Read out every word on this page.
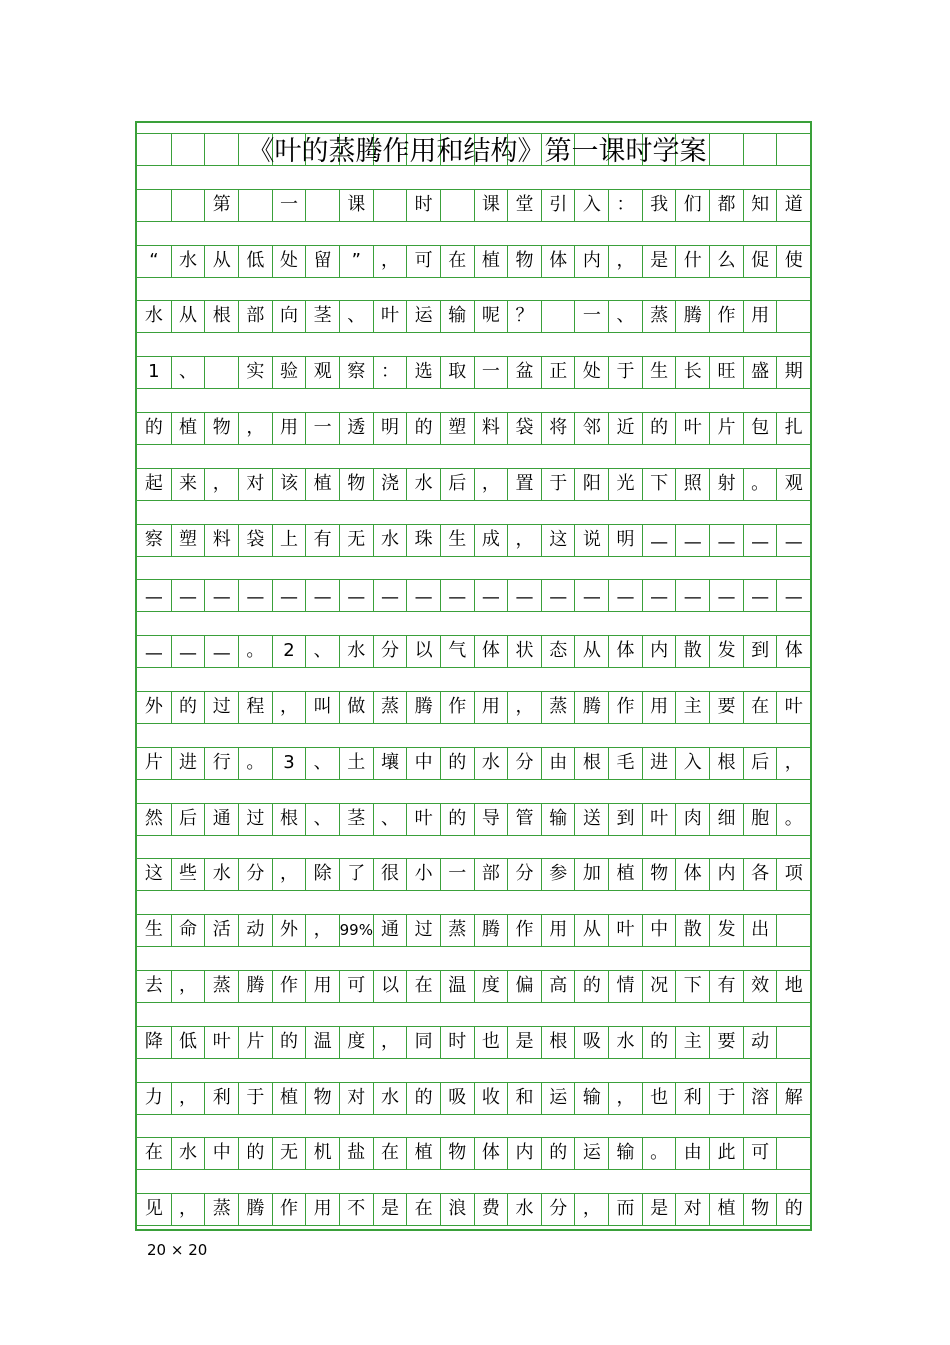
《叶的蒸腾作用和结构》第一课时学案
第	一	课	时	课 堂 引 入 ： 我 们 都 知 道
“	水 从 低 处 留	”	， 可 在 植 物 体 内 ， 是 什 么 促 使
水 从 根 部 向 茎 、 叶 运 输 呢 ？	一 、 蒸 腾 作 用
1	、	实 验 观 察 ： 选 取 一 盆 正 处 于 生 长 旺 盛 期
的 植 物 ， 用 一 透 明 的 塑 料 袋 将 邻 近 的 叶 片 包 扎
起 来 ， 对 该 植 物 浇 水 后 ， 置 于 阳 光 下 照 射 。 观
察 塑 料 袋 上 有 无 水 珠 生 成 ， 这 说 明 — — — — —
— — — — — — — — — — — — — — — — — — — —
— — — 。	2	、 水 分 以 气 体 状 态 从 体 内 散 发 到 体
外 的 过 程 ， 叫 做 蒸 腾 作 用 ， 蒸 腾 作 用 主 要 在 叶
片 进 行 。	3	、 土 壤 中 的 水 分 由 根 毛 进 入 根 后 ，
然 后 通 过 根 、 茎 、 叶 的 导 管 输 送 到 叶 肉 细 胞 。
这 些 水 分 ， 除 了 很 小 一 部 分 参 加 植 物 体 内 各 项
生 命 活 动 外 ， 99% 通 过 蒸 腾 作 用 从 叶 中 散 发 出
去 ， 蒸 腾 作 用 可 以 在 温 度 偏 高 的 情 况 下 有 效 地
降 低 叶 片 的 温 度 ， 同 时 也 是 根 吸 水 的 主 要 动
力 ， 利 于 植 物 对 水 的 吸 收 和 运 输 ， 也 利 于 溶 解
在 水 中 的 无 机 盐 在 植 物 体 内 的 运 输 。 由 此 可
见 ， 蒸 腾 作 用 不 是 在 浪 费 水 分 ， 而 是 对 植 物 的
20 × 20
